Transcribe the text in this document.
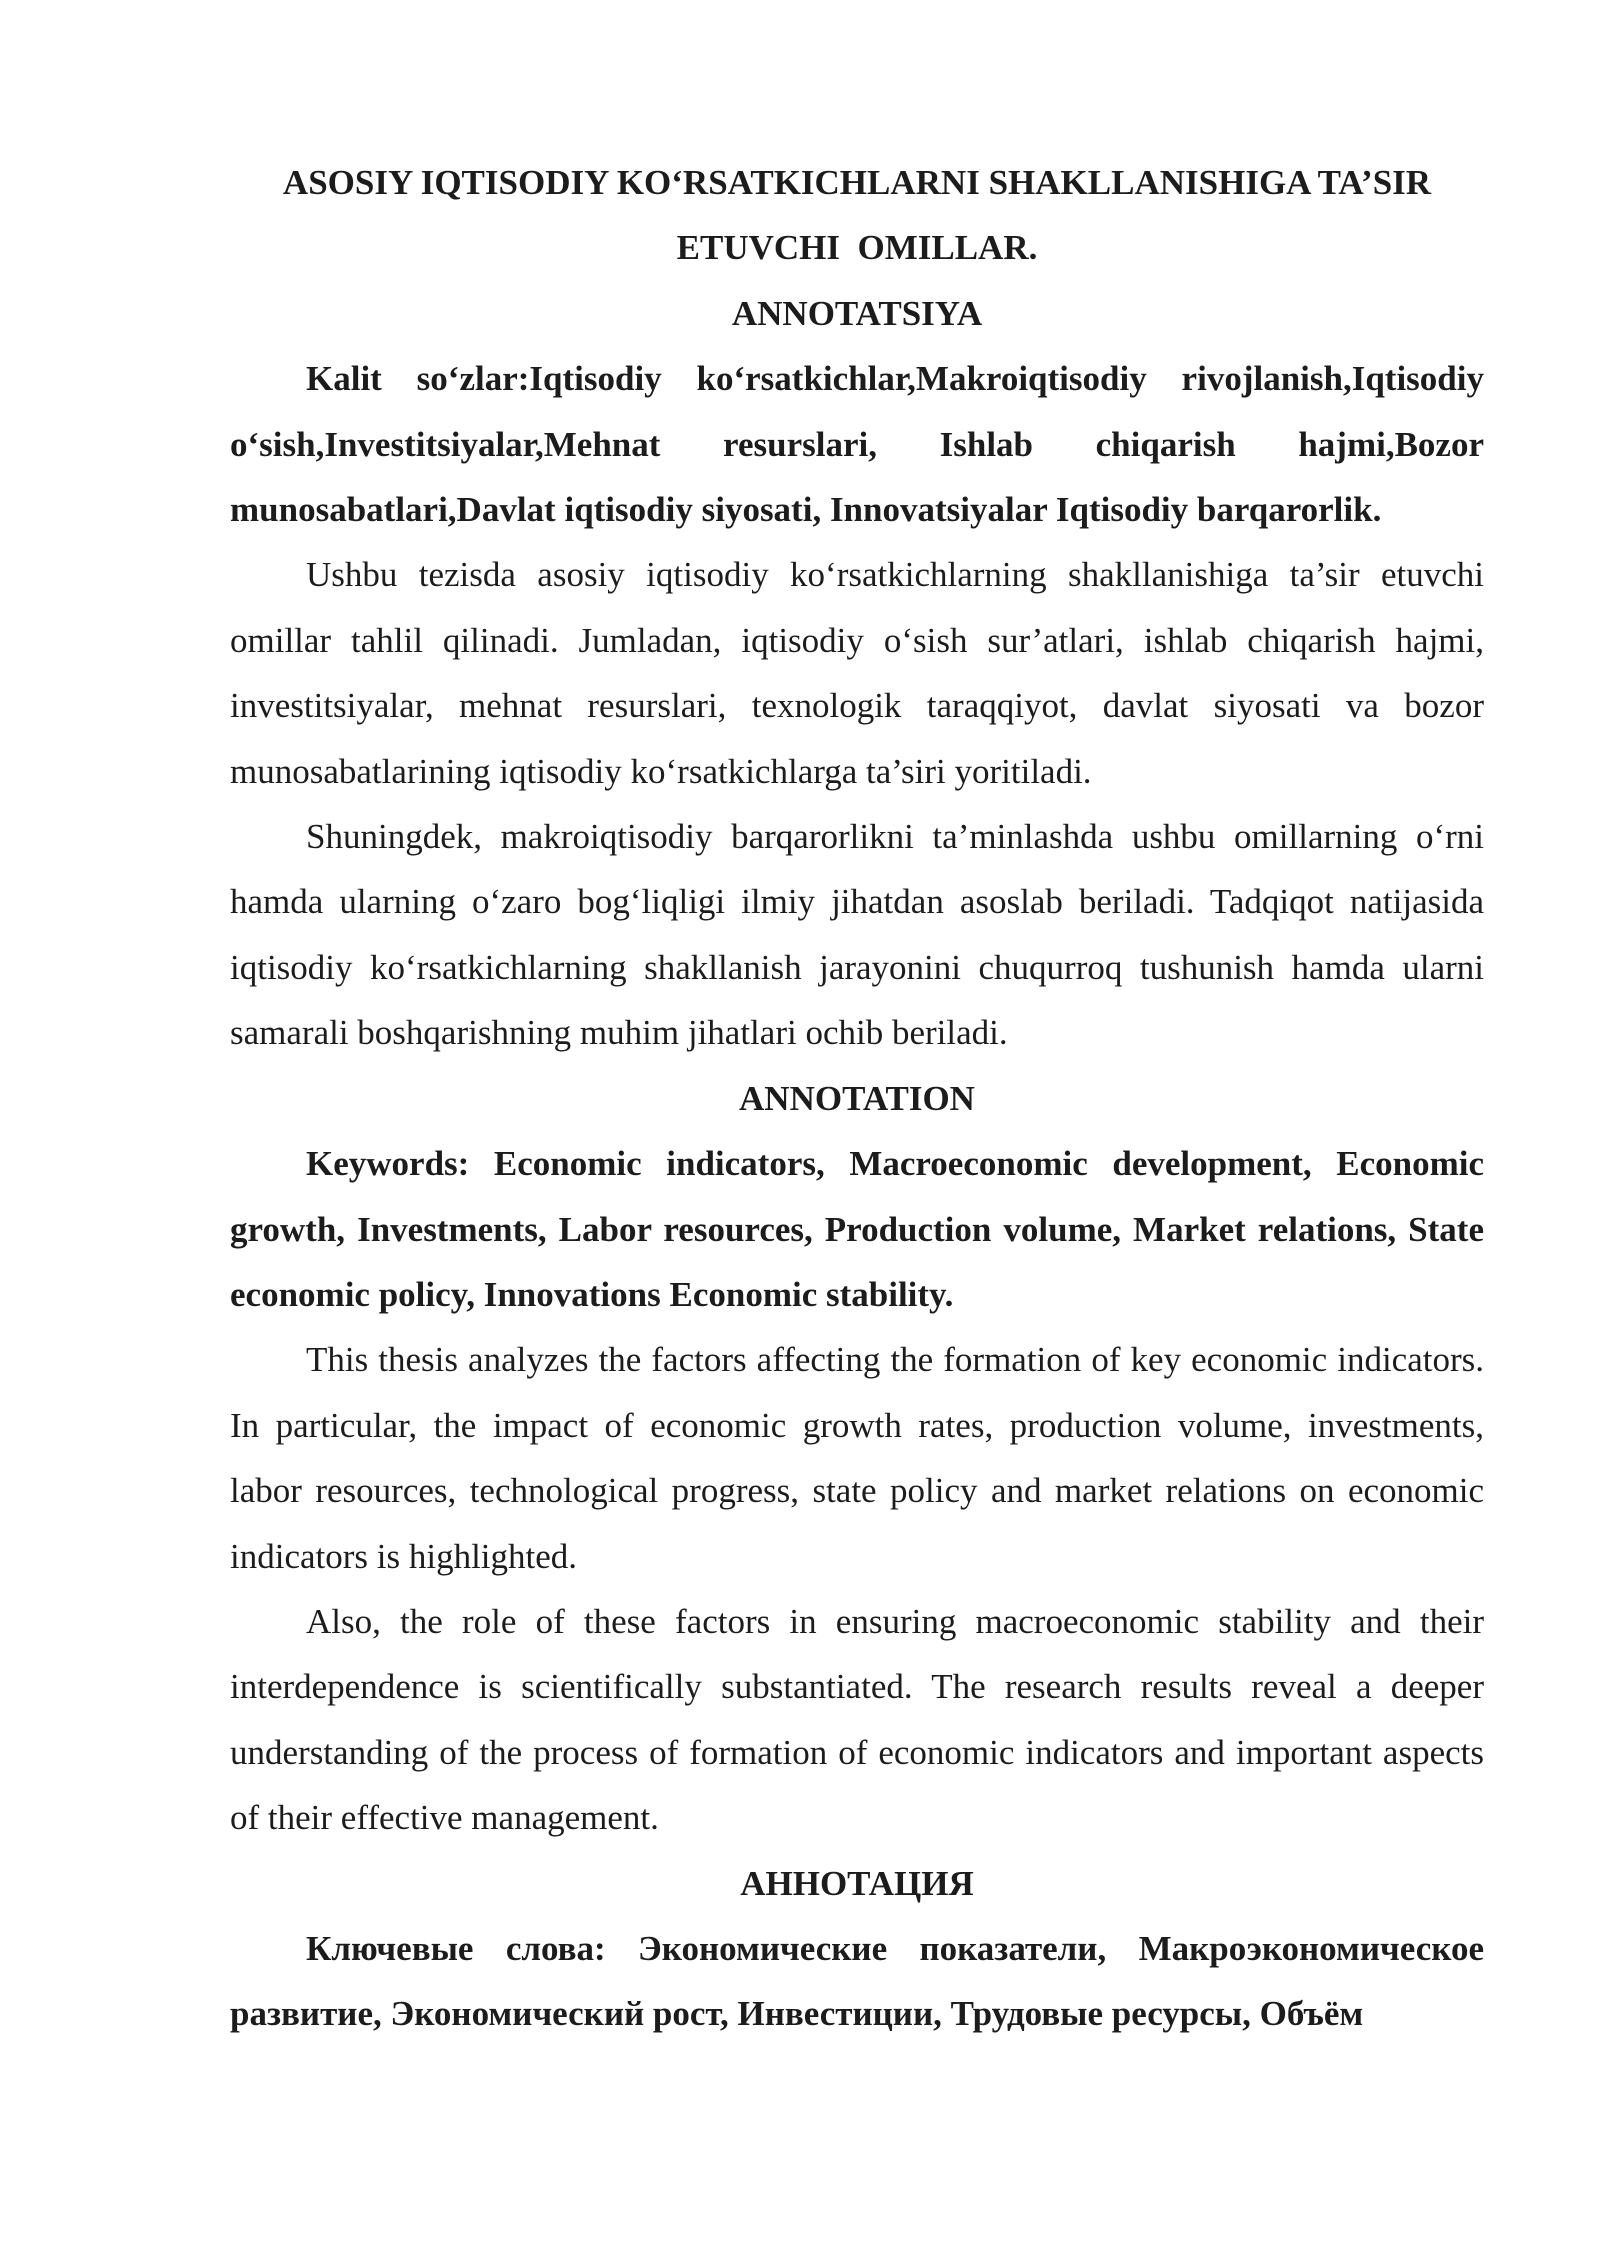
ASOSIY IQTISODIY KO‘RSATKICHLARNI SHAKLLANISHIGA TA’SIR
ETUVCHI  OMILLAR.
ANNOTATSIYA

Kalit so‘zlar:Iqtisodiy ko‘rsatkichlar,Makroiqtisodiy rivojlanish,Iqtisodiy o‘sish,Investitsiyalar,Mehnat resurslari, Ishlab chiqarish hajmi,Bozor munosabatlari,Davlat iqtisodiy siyosati, Innovatsiyalar Iqtisodiy barqarorlik.

Ushbu tezisda asosiy iqtisodiy ko‘rsatkichlarning shakllanishiga ta’sir etuvchi omillar tahlil qilinadi. Jumladan, iqtisodiy o‘sish sur’atlari, ishlab chiqarish hajmi, investitsiyalar, mehnat resurslari, texnologik taraqqiyot, davlat siyosati va bozor munosabatlarining iqtisodiy ko‘rsatkichlarga ta’siri yoritiladi.

Shuningdek, makroiqtisodiy barqarorlikni ta’minlashda ushbu omillarning o‘rni hamda ularning o‘zaro bog‘liqligi ilmiy jihatdan asoslab beriladi. Tadqiqot natijasida iqtisodiy ko‘rsatkichlarning shakllanish jarayonini chuqurroq tushunish hamda ularni samarali boshqarishning muhim jihatlari ochib beriladi.

ANNOTATION

Keywords: Economic indicators, Macroeconomic development, Economic growth, Investments, Labor resources, Production volume, Market relations, State economic policy, Innovations Economic stability.

This thesis analyzes the factors affecting the formation of key economic indicators. In particular, the impact of economic growth rates, production volume, investments, labor resources, technological progress, state policy and market relations on economic indicators is highlighted.

Also, the role of these factors in ensuring macroeconomic stability and their interdependence is scientifically substantiated. The research results reveal a deeper understanding of the process of formation of economic indicators and important aspects of their effective management.

АННОТАЦИЯ

Ключевые слова: Экономические показатели, Макроэкономическое развитие, Экономический рост, Инвестиции, Трудовые ресурсы, Объём
